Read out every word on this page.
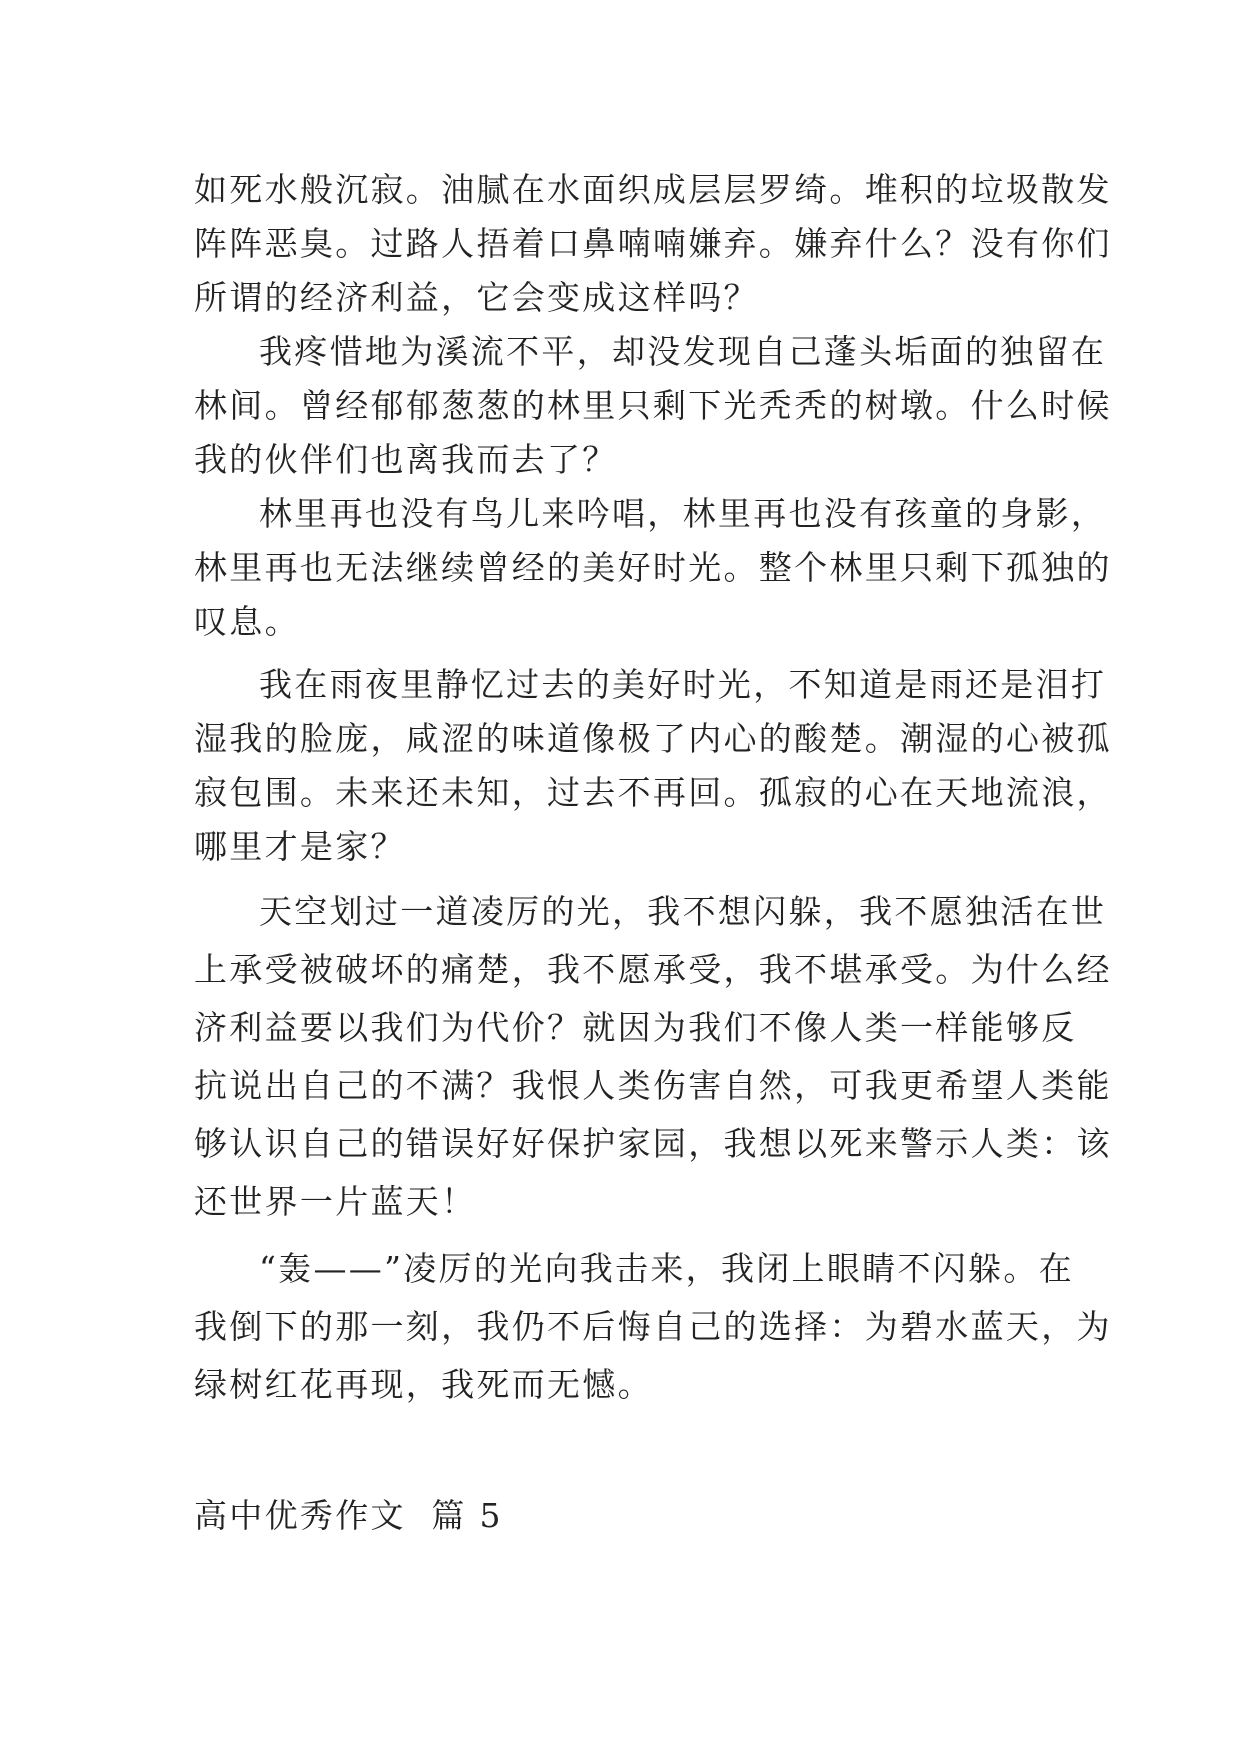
如死水般沉寂。油腻在水面织成层层罗绮。堆积的垃圾散发
阵阵恶臭。过路人捂着口鼻喃喃嫌弃。嫌弃什么？没有你们
所谓的经济利益，它会变成这样吗？
我疼惜地为溪流不平，却没发现自己蓬头垢面的独留在
林间。曾经郁郁葱葱的林里只剩下光秃秃的树墩。什么时候
我的伙伴们也离我而去了？
林里再也没有鸟儿来吟唱，林里再也没有孩童的身影，
林里再也无法继续曾经的美好时光。整个林里只剩下孤独的
叹息。
我在雨夜里静忆过去的美好时光，不知道是雨还是泪打
湿我的脸庞，咸涩的味道像极了内心的酸楚。潮湿的心被孤
寂包围。未来还未知，过去不再回。孤寂的心在天地流浪，
哪里才是家？
天空划过一道凌厉的光，我不想闪躲，我不愿独活在世
上承受被破坏的痛楚，我不愿承受，我不堪承受。为什么经
济利益要以我们为代价？就因为我们不像人类一样能够反
抗说出自己的不满？我恨人类伤害自然，可我更希望人类能
够认识自己的错误好好保护家园，我想以死来警示人类：该
还世界一片蓝天！
“轰——”凌厉的光向我击来，我闭上眼睛不闪躲。在
我倒下的那一刻，我仍不后悔自己的选择：为碧水蓝天，为
绿树红花再现，我死而无憾。
高中优秀作文  篇 5
